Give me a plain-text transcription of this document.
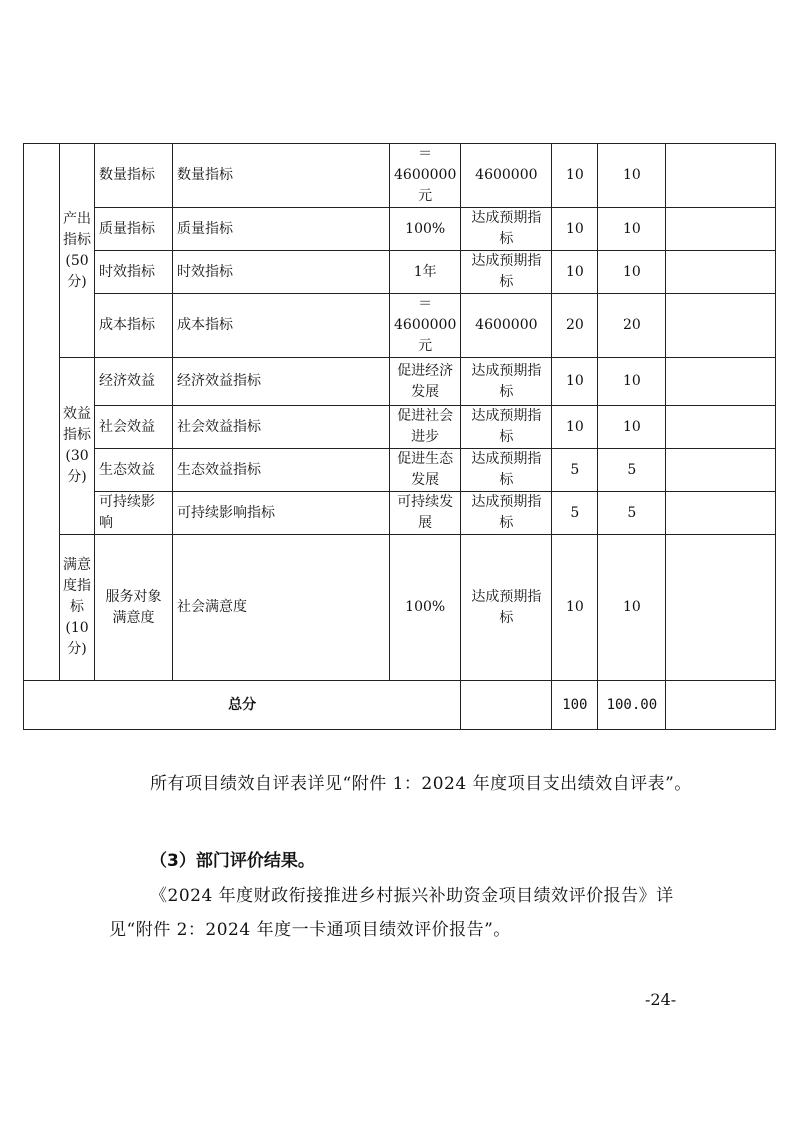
	产出指标(50分)	数量指标	数量指标	＝4600000元	4600000	10	10	
		质量指标	质量指标	100%	达成预期指标	10	10	
		时效指标	时效指标	1年	达成预期指标	10	10	
		成本指标	成本指标	＝4600000元	4600000	20	20	
	效益指标(30分)	经济效益	经济效益指标	促进经济发展	达成预期指标	10	10	
		社会效益	社会效益指标	促进社会进步	达成预期指标	10	10	
		生态效益	生态效益指标	促进生态发展	达成预期指标	5	5	
		可持续影响	可持续影响指标	可持续发展	达成预期指标	5	5	
	满意度指标(10分)	服务对象满意度	社会满意度	100%	达成预期指标	10	10	
总分						100	100.00	

所有项目绩效自评表详见“附件 1：2024 年度项目支出绩效自评表”。

（3）部门评价结果。

《2024 年度财政衔接推进乡村振兴补助资金项目绩效评价报告》详见“附件 2：2024 年度一卡通项目绩效评价报告”。

-24-
